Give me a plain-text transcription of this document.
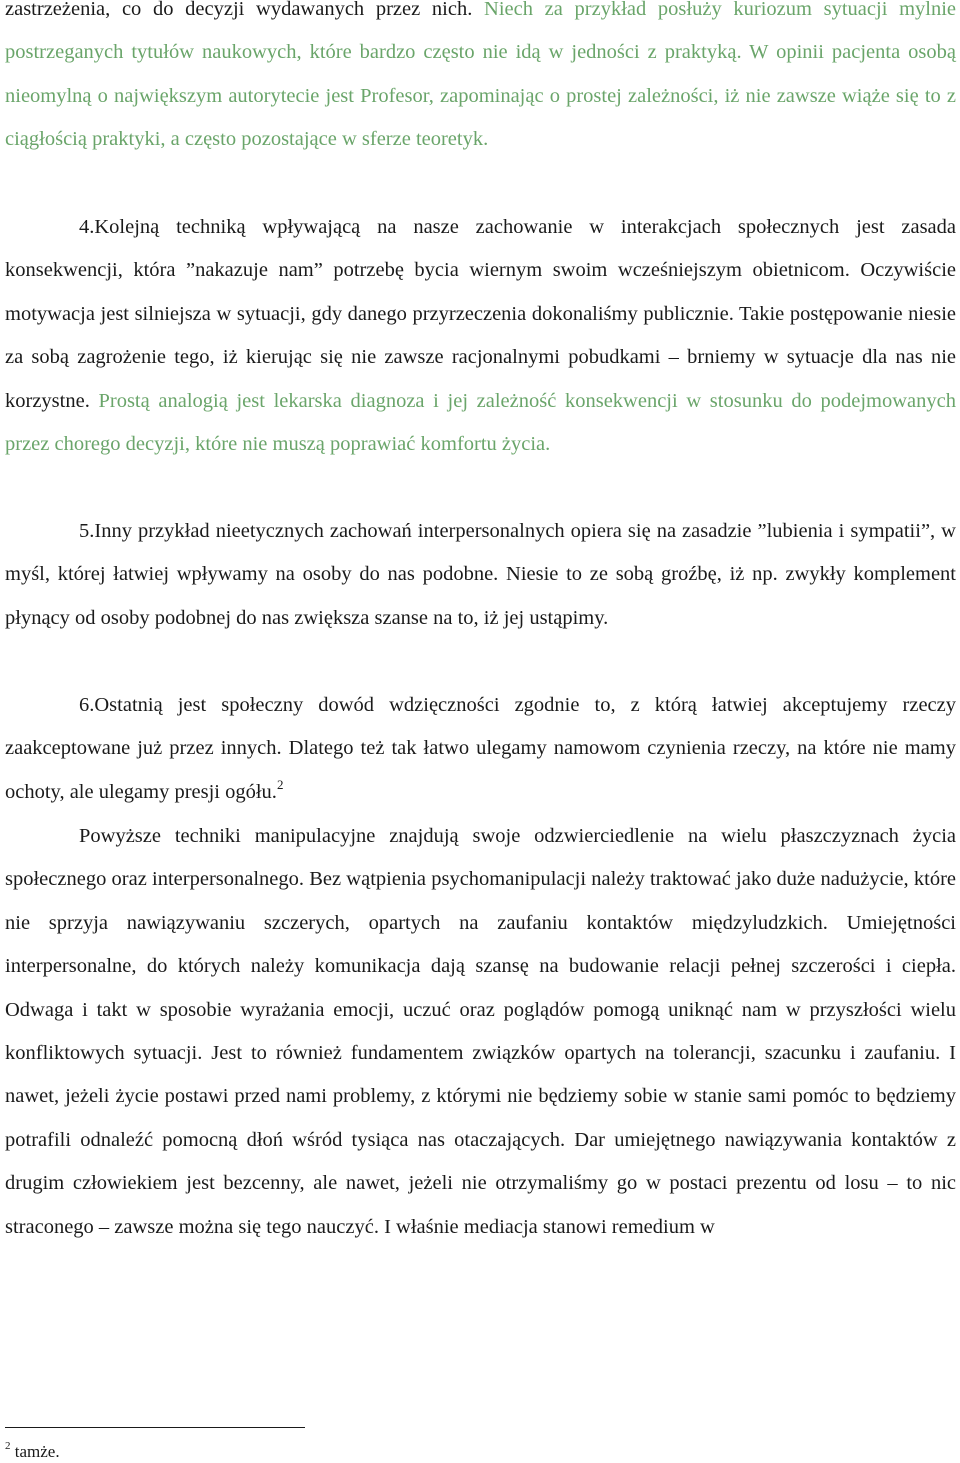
zastrzeżenia, co do decyzji wydawanych przez nich. Niech za przykład posłuży kuriozum sytuacji mylnie postrzeganych tytułów naukowych, które bardzo często nie idą w jedności z praktyką. W opinii pacjenta osobą nieomylną o największym autorytecie jest Profesor, zapominając o prostej zależności, iż nie zawsze wiąże się to z ciągłością praktyki, a często pozostające w sferze teoretyk.

4.Kolejną techniką wpływającą na nasze zachowanie w interakcjach społecznych jest zasada konsekwencji, która ”nakazuje nam” potrzebę bycia wiernym swoim wcześniejszym obietnicom. Oczywiście motywacja jest silniejsza w sytuacji, gdy danego przyrzeczenia dokonaliśmy publicznie. Takie postępowanie niesie za sobą zagrożenie tego, iż kierując się nie zawsze racjonalnymi pobudkami – brniemy w sytuacje dla nas nie korzystne. Prostą analogią jest lekarska diagnoza i jej zależność konsekwencji w stosunku do podejmowanych przez chorego decyzji, które nie muszą poprawiać komfortu życia.

5.Inny przykład nieetycznych zachowań interpersonalnych opiera się na zasadzie ”lubienia i sympatii”, w myśl, której łatwiej wpływamy na osoby do nas podobne. Niesie to ze sobą groźbę, iż np. zwykły komplement płynący od osoby podobnej do nas zwiększa szanse na to, iż jej ustąpimy.

6.Ostatnią jest społeczny dowód wdzięczności zgodnie to, z którą łatwiej akceptujemy rzeczy zaakceptowane już przez innych. Dlatego też tak łatwo ulegamy namowom czynienia rzeczy, na które nie mamy ochoty, ale ulegamy presji ogółu.$^2$

Powyższe techniki manipulacyjne znajdują swoje odzwierciedlenie na wielu płaszczyznach życia społecznego oraz interpersonalnego. Bez wątpienia psychomanipulacji należy traktować jako duże nadużycie, które nie sprzyja nawiązywaniu szczerych, opartych na zaufaniu kontaktów międzyludzkich. Umiejętności interpersonalne, do których należy komunikacja dają szansę na budowanie relacji pełnej szczerości i ciepła. Odwaga i takt w sposobie wyrażania emocji, uczuć oraz poglądów pomogą uniknąć nam w przyszłości wielu konfliktowych sytuacji. Jest to również fundamentem związków opartych na tolerancji, szacunku i zaufaniu. I nawet, jeżeli życie postawi przed nami problemy, z którymi nie będziemy sobie w stanie sami pomóc to będziemy potrafili odnaleźć pomocną dłoń wśród tysiąca nas otaczających. Dar umiejętnego nawiązywania kontaktów z drugim człowiekiem jest bezcenny, ale nawet, jeżeli nie otrzymaliśmy go w postaci prezentu od losu – to nic straconego – zawsze można się tego nauczyć. I właśnie mediacja stanowi remedium w

$^2$ tamże.
